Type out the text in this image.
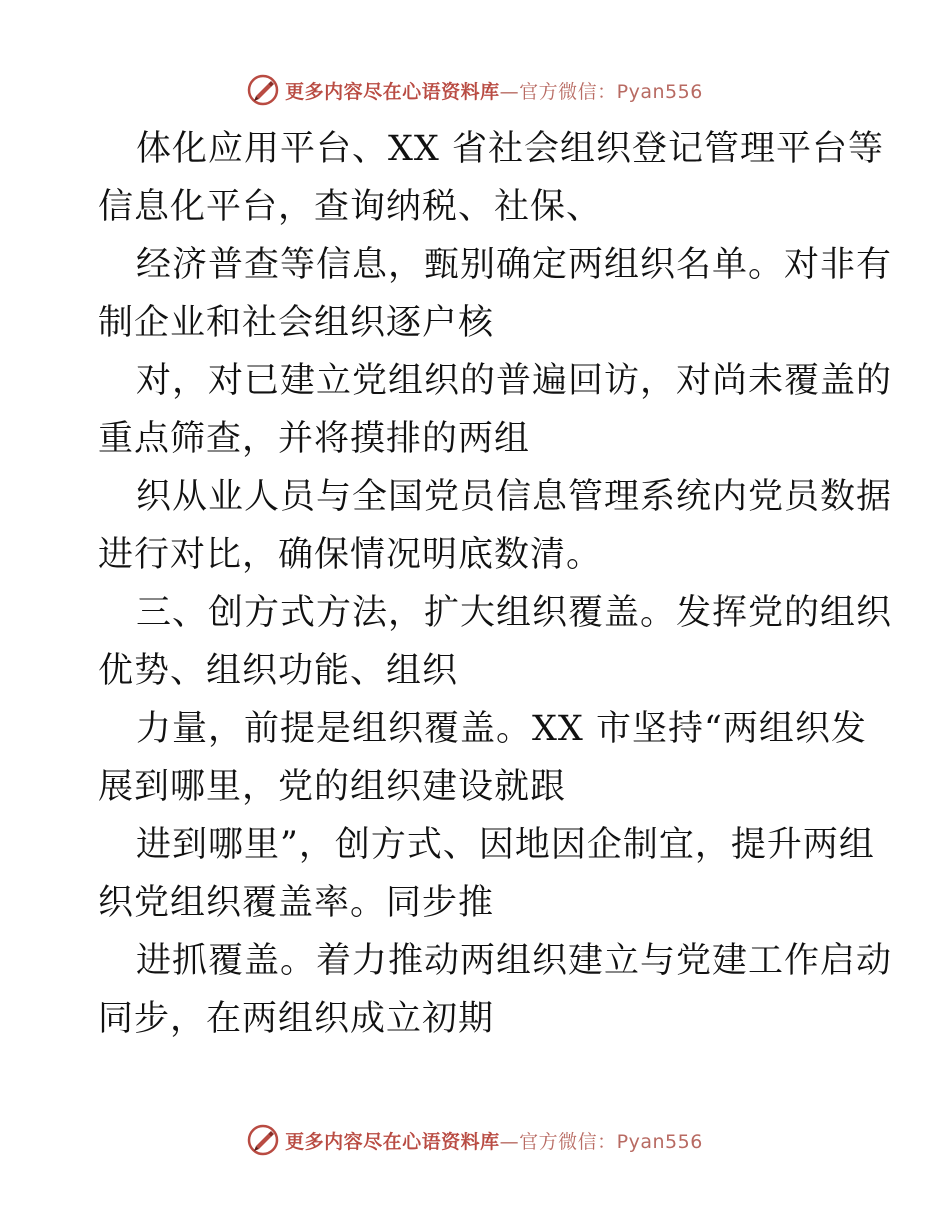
更多内容尽在心语资料库—官方微信：Pyan556
体化应用平台、XX 省社会组织登记管理平台等
信息化平台，查询纳税、社保、
经济普查等信息，甄别确定两组织名单。对非有
制企业和社会组织逐户核
对，对已建立党组织的普遍回访，对尚未覆盖的
重点筛查，并将摸排的两组
织从业人员与全国党员信息管理系统内党员数据
进行对比，确保情况明底数清。
三、创方式方法，扩大组织覆盖。发挥党的组织
优势、组织功能、组织
力量，前提是组织覆盖。XX 市坚持“两组织发
展到哪里，党的组织建设就跟
进到哪里”，创方式、因地因企制宜，提升两组
织党组织覆盖率。同步推
进抓覆盖。着力推动两组织建立与党建工作启动
同步，在两组织成立初期
更多内容尽在心语资料库—官方微信：Pyan556
